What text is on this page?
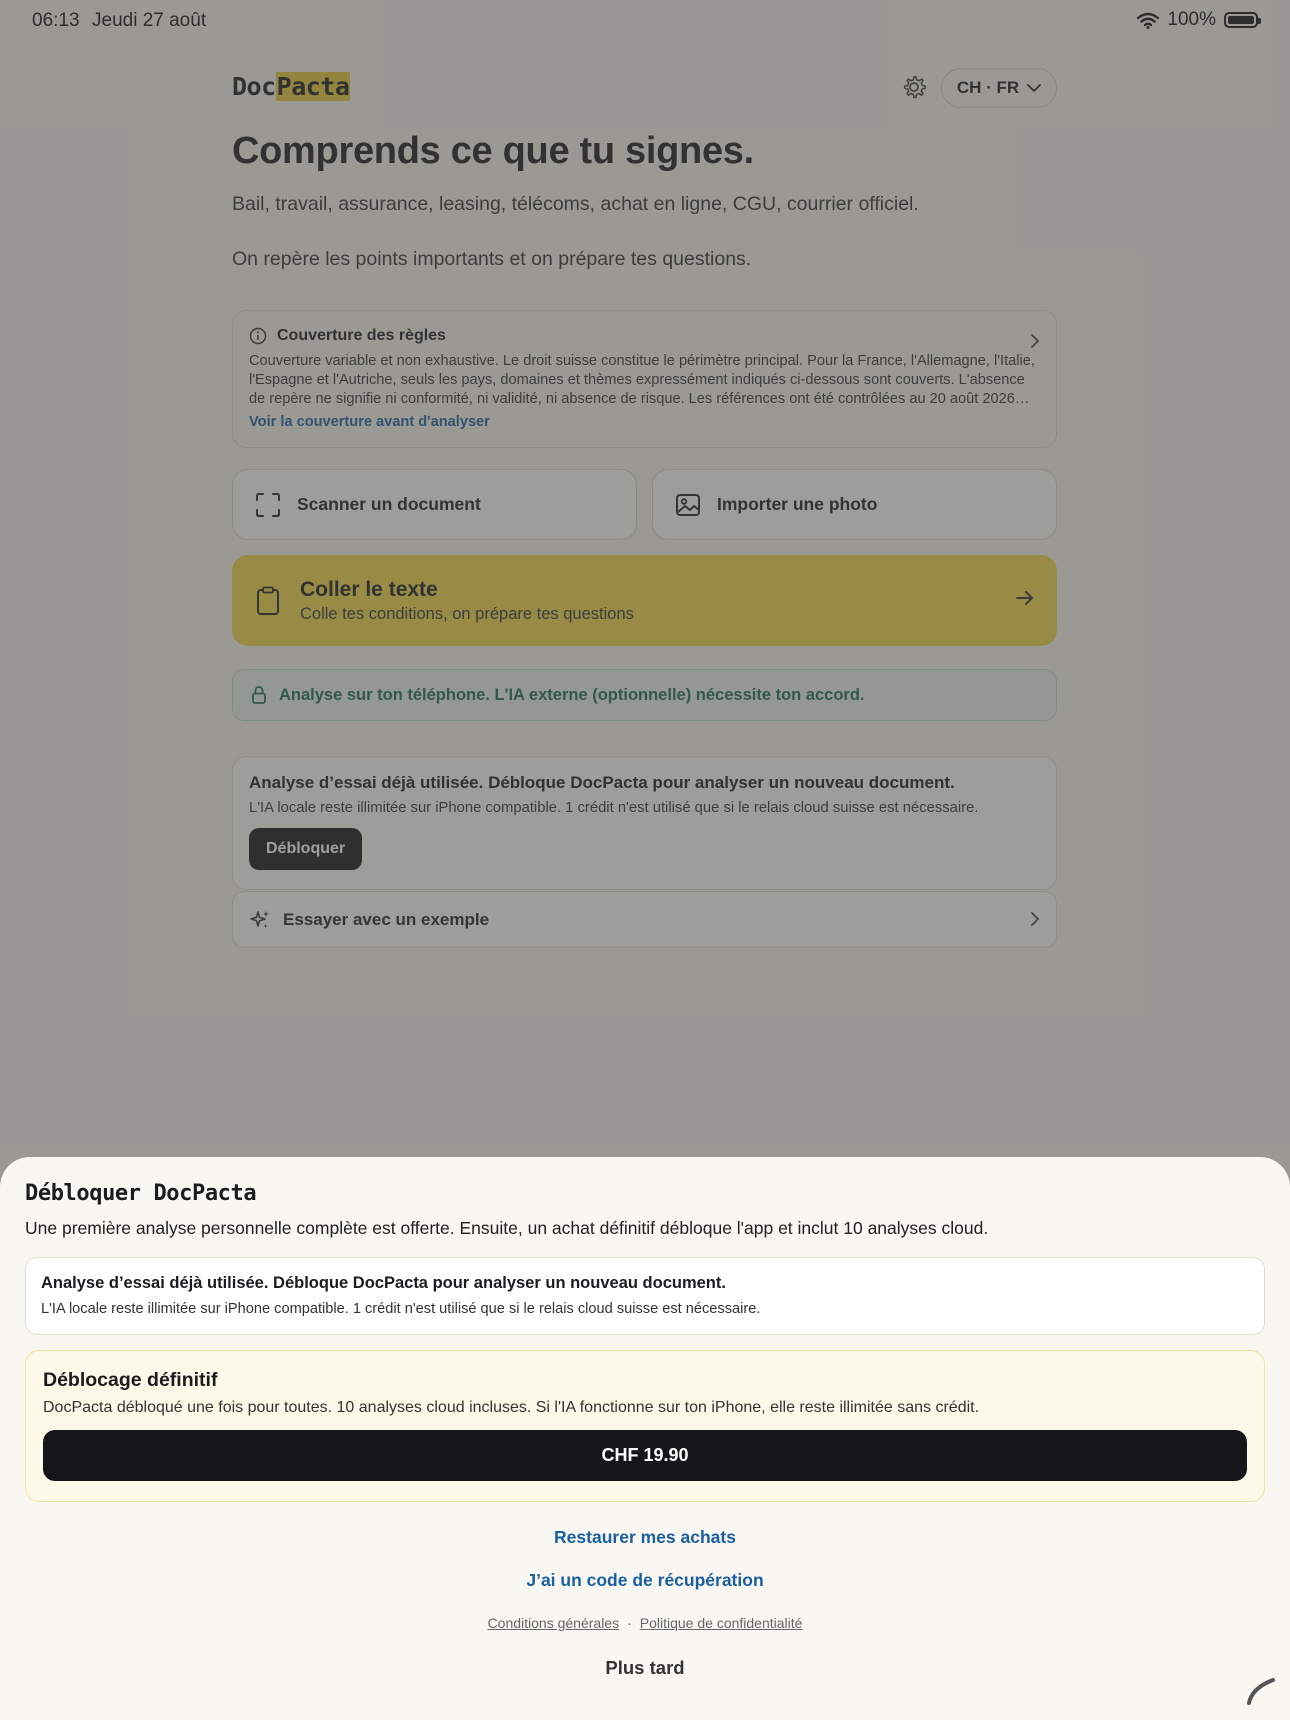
Débloquer DocPacta
Une première analyse personnelle complète est offerte. Ensuite, un achat définitif débloque l'app et inclut 10 analyses cloud.
Analyse d’essai déjà utilisée. Débloque DocPacta pour analyser un nouveau document.
L'IA locale reste illimitée sur iPhone compatible. 1 crédit n'est utilisé que si le relais cloud suisse est nécessaire.
Déblocage définitif
DocPacta débloqué une fois pour toutes. 10 analyses cloud incluses. Si l'IA fonctionne sur ton iPhone, elle reste illimitée sans crédit.
CHF 19.90
Restaurer mes achats
J’ai un code de récupération
Conditions générales · Politique de confidentialité
Plus tard
